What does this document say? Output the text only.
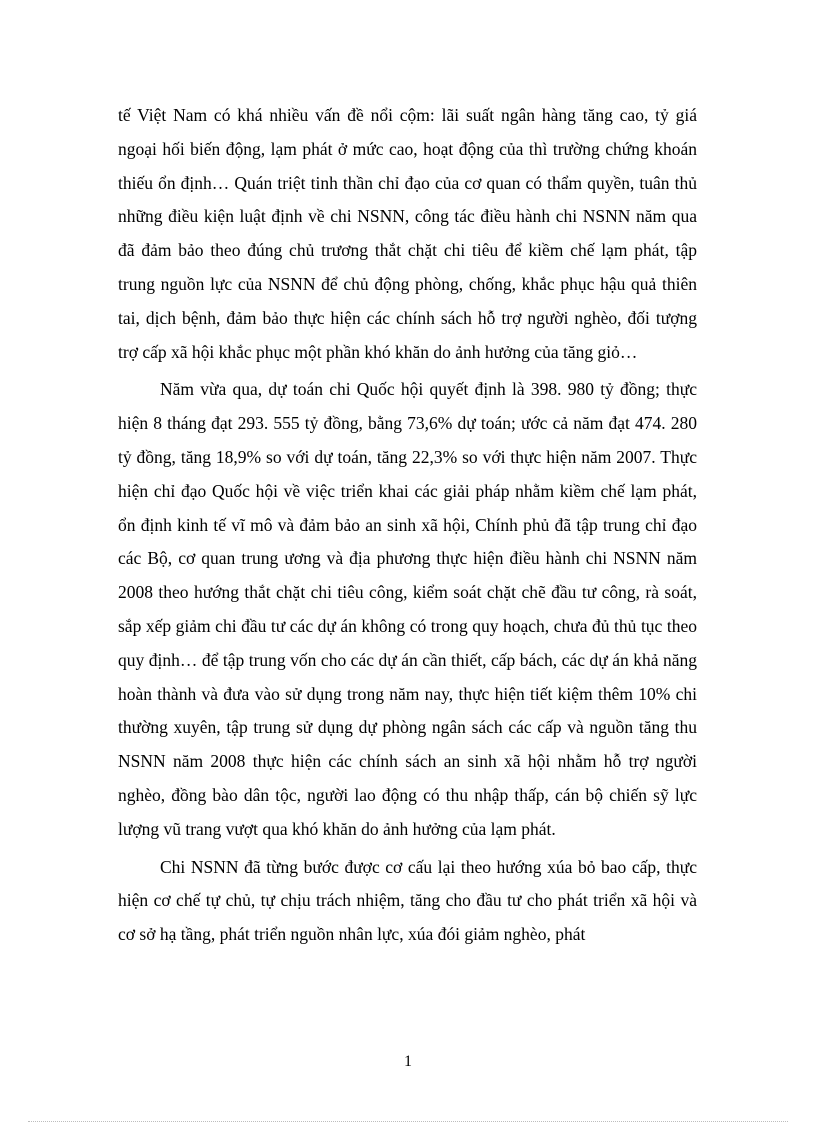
tế Việt Nam có khá nhiều vấn đề nổi cộm: lãi suất ngân hàng tăng cao, tỷ giá ngoại hối biến động, lạm phát ở mức cao, hoạt động của thì trường chứng khoán thiếu ổn định… Quán triệt tinh thần chỉ đạo của cơ quan có thẩm quyền, tuân thủ những điều kiện luật định về chi NSNN, công tác điều hành chi NSNN năm qua đã đảm bảo theo đúng chủ trương thắt chặt chi tiêu để kiềm chế lạm phát, tập trung nguồn lực của NSNN để chủ động phòng, chống, khắc phục hậu quả thiên tai, dịch bệnh, đảm bảo thực hiện các chính sách hỗ trợ người nghèo, đối tượng trợ cấp xã hội khắc phục một phần khó khăn do ảnh hưởng của tăng giỏ…

Năm vừa qua, dự toán chi Quốc hội quyết định là 398. 980 tỷ đồng; thực hiện 8 tháng đạt 293. 555 tỷ đồng, bằng 73,6% dự toán; ước cả năm đạt 474. 280 tỷ đồng, tăng 18,9% so với dự toán, tăng 22,3% so với thực hiện năm 2007. Thực hiện chỉ đạo Quốc hội về việc triển khai các giải pháp nhằm kiềm chế lạm phát, ổn định kinh tế vĩ mô và đảm bảo an sinh xã hội, Chính phủ đã tập trung chỉ đạo các Bộ, cơ quan trung ương và địa phương thực hiện điều hành chi NSNN năm 2008 theo hướng thắt chặt chi tiêu công, kiểm soát chặt chẽ đầu tư công, rà soát, sắp xếp giảm chi đầu tư các dự án không có trong quy hoạch, chưa đủ thủ tục theo quy định… để tập trung vốn cho các dự án cần thiết, cấp bách, các dự án khả năng hoàn thành và đưa vào sử dụng trong năm nay, thực hiện tiết kiệm thêm 10% chi thường xuyên, tập trung sử dụng dự phòng ngân sách các cấp và nguồn tăng thu NSNN năm 2008 thực hiện các chính sách an sinh xã hội nhằm hỗ trợ người nghèo, đồng bào dân tộc, người lao động có thu nhập thấp, cán bộ chiến sỹ lực lượng vũ trang vượt qua khó khăn do ảnh hưởng của lạm phát.

Chi NSNN đã từng bước được cơ cấu lại theo hướng xúa bỏ bao cấp, thực hiện cơ chế tự chủ, tự chịu trách nhiệm, tăng cho đầu tư cho phát triển xã hội và cơ sở hạ tầng, phát triển nguồn nhân lực, xúa đói giảm nghèo, phát

1
